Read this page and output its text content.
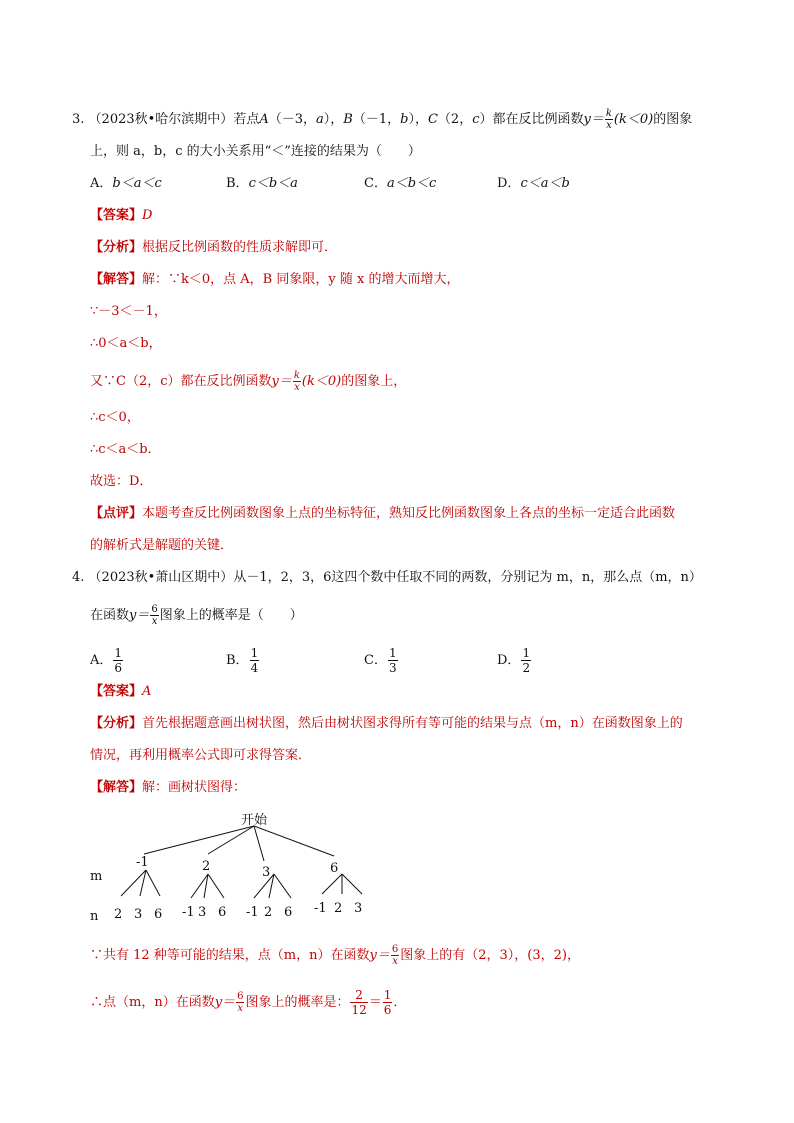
3. （2023秋•哈尔滨期中）若点A（－3，a），B（－1，b），C（2，c）都在反比例函数$y= \frac{k}{x} (k<0)$的图象
上，则 a，b，c 的大小关系用“＜”连接的结果为（　　）
A．b＜a＜c	B．c＜b＜a	C．a＜b＜c	D．c＜a＜b
【答案】D
【分析】根据反比例函数的性质求解即可．
【解答】解：∵k＜0，点 A，B 同象限，y 随 x 的增大而增大，
∵－3＜－1，
∴0＜a＜b，
又∵C（2，c）都在反比例函数$y= \frac{k}{x} (k<0)$的图象上，
∴c＜0，
∴c＜a＜b．
故选：D．
【点评】本题考查反比例函数图象上点的坐标特征，熟知反比例函数图象上各点的坐标一定适合此函数
的解析式是解题的关键．
4. （2023秋•萧山区期中）从－1，2，3，6这四个数中任取不同的两数，分别记为 m，n，那么点（m，n）
在函数$y= \frac{6}{x}$ 图象上的概率是（　　）
A． $\frac{1}{6}$	B． $\frac{1}{4}$	C． $\frac{1}{3}$	D． $\frac{1}{2}$
【答案】A
【分析】首先根据题意画出树状图，然后由树状图求得所有等可能的结果与点（m，n）在函数图象上的
情况，再利用概率公式即可求得答案．
【解答】解：画树状图得：
开始
m
n
-1	2	3	6
2 3 6 -1 3 6 -1 2 6 -1 2 3
∵共有 12 种等可能的结果，点（m，n）在函数$y= \frac{6}{x}$ 图象上的有（2，3），(3，2)，
∴点（m，n）在函数$y= \frac{6}{x}$ 图象上的概率是： $\frac{2}{12} = \frac{1}{6}$ ．
